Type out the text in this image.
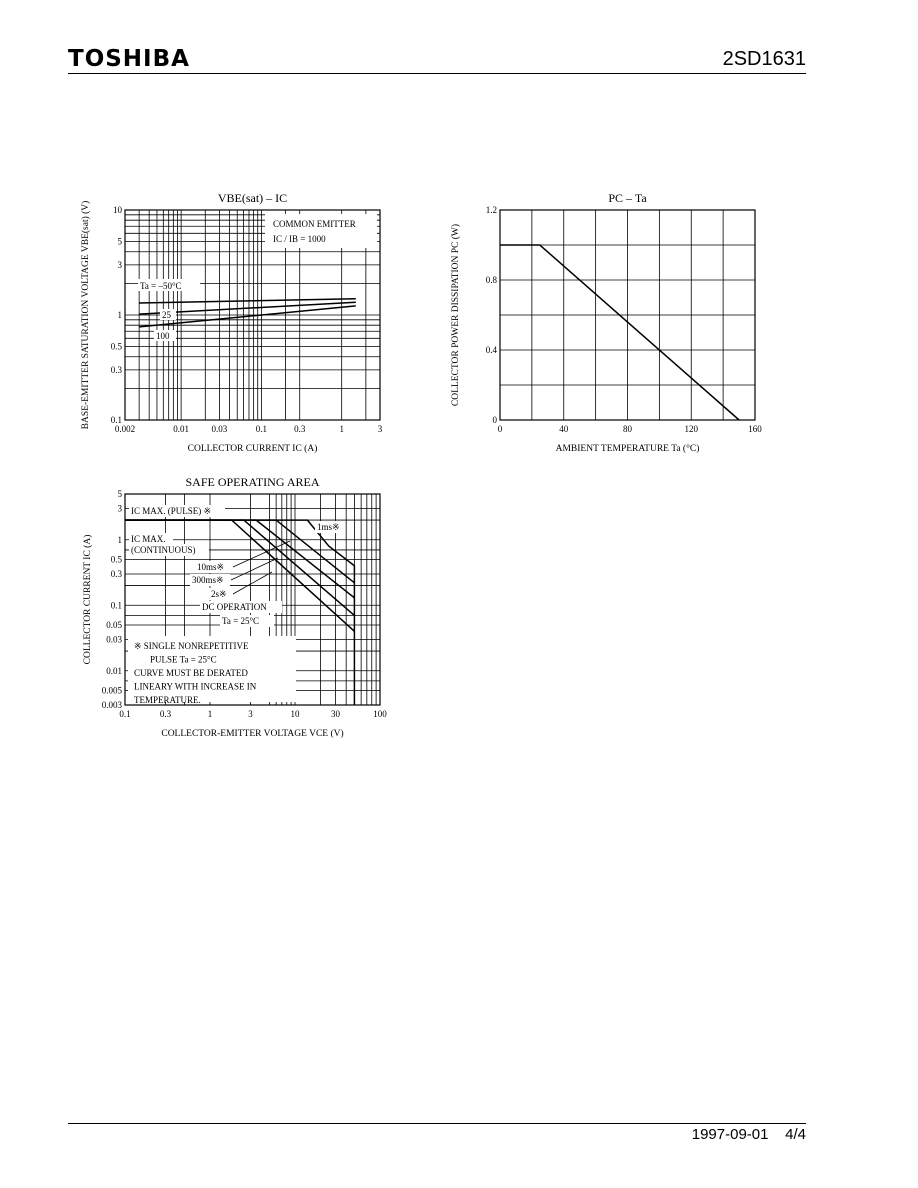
TOSHIBA	2SD1631
1997-09-01 4/4
0.002	0.01	0.03	0.1	0.3	1	3
0.1
0.3
0.5
1
3
5
10
VBE(sat) – IC
COLLECTOR CURRENT IC (A)
BASE-EMITTER SATURATION VOLTAGE VBE(sat) (V)	COMMON EMITTER
IC / IB = 1000
Ta = –50°C
25
100
0	40	80	120	160
0
0.4
0.8
1.2
PC – Ta
AMBIENT TEMPERATURE Ta (°C)
COLLECTOR POWER DISSIPATION PC (W)
0.1	0.3	1	3	10	30	100
0.003
0.005
0.01
0.03
0.05
0.1
0.3
0.5
1
3
5
SAFE OPERATING AREA
COLLECTOR-EMITTER VOLTAGE VCE (V)
COLLECTOR CURRENT IC (A)
IC MAX. (PULSE) ※
1ms※
IC MAX.
(CONTINUOUS)
10ms※
300ms※
2s※
DC OPERATION
Ta = 25°C
※ SINGLE NONREPETITIVE
PULSE Ta = 25°C
CURVE MUST BE DERATED
LINEARY WITH INCREASE IN
TEMPERATURE.
